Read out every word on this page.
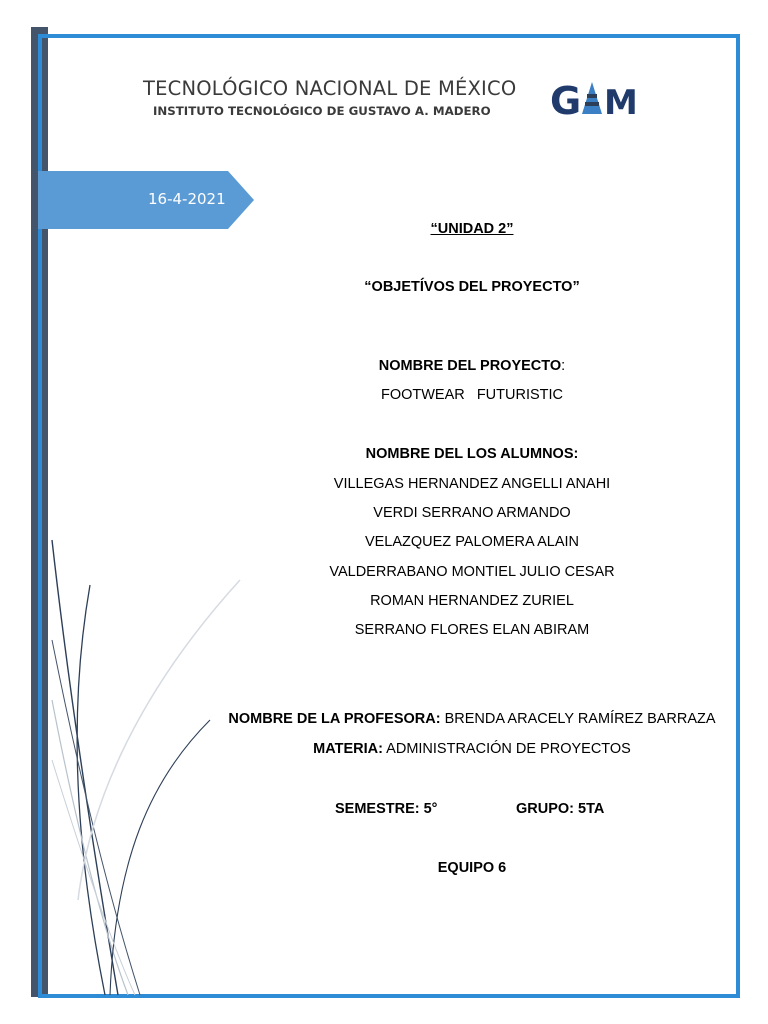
TECNOLÓGICO NACIONAL DE MÉXICO
INSTITUTO TECNOLÓGICO DE GUSTAVO A. MADERO G M
16-4-2021
“UNIDAD 2”
“OBJETÍVOS DEL PROYECTO”
NOMBRE DEL PROYECTO:
FOOTWEAR   FUTURISTIC
NOMBRE DEL LOS ALUMNOS:
VILLEGAS HERNANDEZ ANGELLI ANAHI
VERDI SERRANO ARMANDO
VELAZQUEZ PALOMERA ALAIN
VALDERRABANO MONTIEL JULIO CESAR
ROMAN HERNANDEZ ZURIEL
SERRANO FLORES ELAN ABIRAM
NOMBRE DE LA PROFESORA: BRENDA ARACELY RAMÍREZ BARRAZA
MATERIA: ADMINISTRACIÓN DE PROYECTOS
SEMESTRE: 5°	GRUPO: 5TA
EQUIPO 6
